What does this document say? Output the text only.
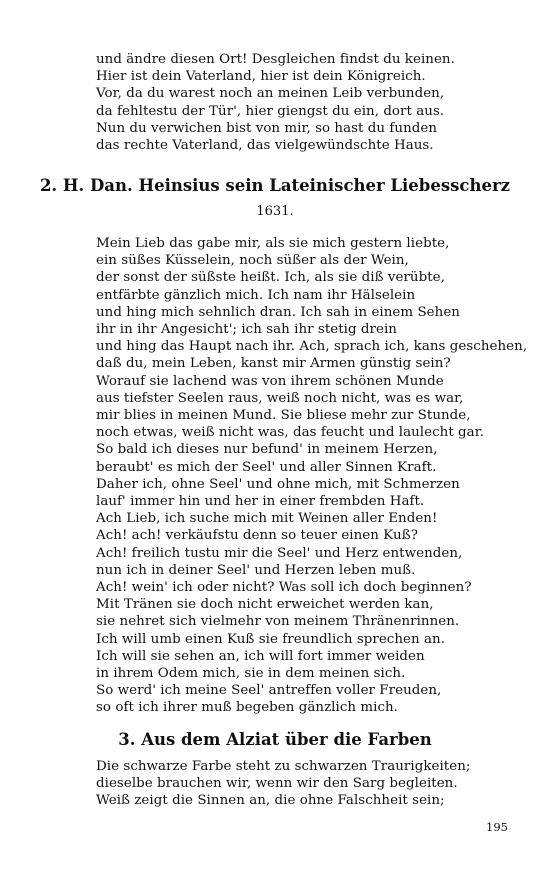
und ändre diesen Ort! Desgleichen findst du keinen.
Hier ist dein Vaterland, hier ist dein Königreich.
Vor, da du warest noch an meinen Leib verbunden,
da fehltestu der Tür', hier giengst du ein, dort aus.
Nun du verwichen bist von mir, so hast du funden
das rechte Vaterland, das vielgewündschte Haus.
2. H. Dan. Heinsius sein Lateinischer Liebesscherz
1631.
Mein Lieb das gabe mir, als sie mich gestern liebte,
ein süßes Küsselein, noch süßer als der Wein,
der sonst der süßste heißt. Ich, als sie diß verübte,
entfärbte gänzlich mich. Ich nam ihr Hälselein
und hing mich sehnlich dran. Ich sah in einem Sehen
ihr in ihr Angesicht'; ich sah ihr stetig drein
und hing das Haupt nach ihr. Ach, sprach ich, kans geschehen,
daß du, mein Leben, kanst mir Armen günstig sein?
Worauf sie lachend was von ihrem schönen Munde
aus tiefster Seelen raus, weiß noch nicht, was es war,
mir blies in meinen Mund. Sie bliese mehr zur Stunde,
noch etwas, weiß nicht was, das feucht und laulecht gar.
So bald ich dieses nur befund' in meinem Herzen,
beraubt' es mich der Seel' und aller Sinnen Kraft.
Daher ich, ohne Seel' und ohne mich, mit Schmerzen
lauf' immer hin und her in einer frembden Haft.
Ach Lieb, ich suche mich mit Weinen aller Enden!
Ach! ach! verkäufstu denn so teuer einen Kuß?
Ach! freilich tustu mir die Seel' und Herz entwenden,
nun ich in deiner Seel' und Herzen leben muß.
Ach! wein' ich oder nicht? Was soll ich doch beginnen?
Mit Tränen sie doch nicht erweichet werden kan,
sie nehret sich vielmehr von meinem Thränenrinnen.
Ich will umb einen Kuß sie freundlich sprechen an.
Ich will sie sehen an, ich will fort immer weiden
in ihrem Odem mich, sie in dem meinen sich.
So werd' ich meine Seel' antreffen voller Freuden,
so oft ich ihrer muß begeben gänzlich mich.
3. Aus dem Alziat über die Farben
Die schwarze Farbe steht zu schwarzen Traurigkeiten;
dieselbe brauchen wir, wenn wir den Sarg begleiten.
Weiß zeigt die Sinnen an, die ohne Falschheit sein;
195
